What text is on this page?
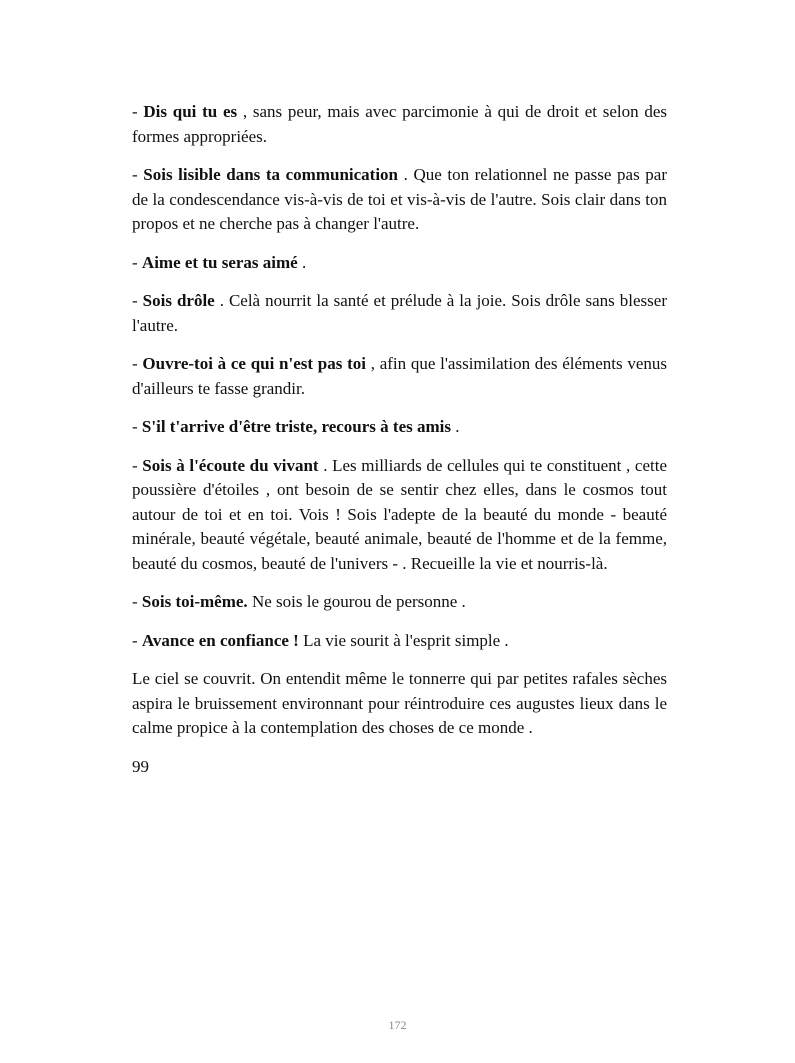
- Dis qui tu es , sans peur, mais avec parcimonie à qui de droit et selon des formes appropriées.

- Sois lisible dans ta communication . Que ton relationnel ne passe pas par de la condescendance vis-à-vis de toi et vis-à-vis de l'autre. Sois clair dans ton propos et ne cherche pas à changer l'autre.

- Aime et tu seras aimé .

- Sois drôle . Celà nourrit la santé et prélude à la joie. Sois drôle sans blesser l'autre.

- Ouvre-toi à ce qui n'est pas toi , afin que l'assimilation des éléments venus d'ailleurs te fasse grandir.

- S'il t'arrive d'être triste, recours à tes amis .

- Sois à l'écoute du vivant . Les milliards de cellules qui te constituent , cette poussière d'étoiles , ont besoin de se sentir chez elles, dans le cosmos tout autour de toi et en toi. Vois ! Sois l'adepte de la beauté du monde - beauté minérale, beauté végétale, beauté animale, beauté de l'homme et de la femme, beauté du cosmos, beauté de l'univers - . Recueille la vie et nourris-là.

- Sois toi-même. Ne sois le gourou de personne .

- Avance en confiance ! La vie sourit à l'esprit simple .

Le ciel se couvrit. On entendit même le tonnerre qui par petites rafales sèches aspira le bruissement environnant pour réintroduire ces augustes lieux dans le calme propice à la contemplation des choses de ce monde .

99
172
